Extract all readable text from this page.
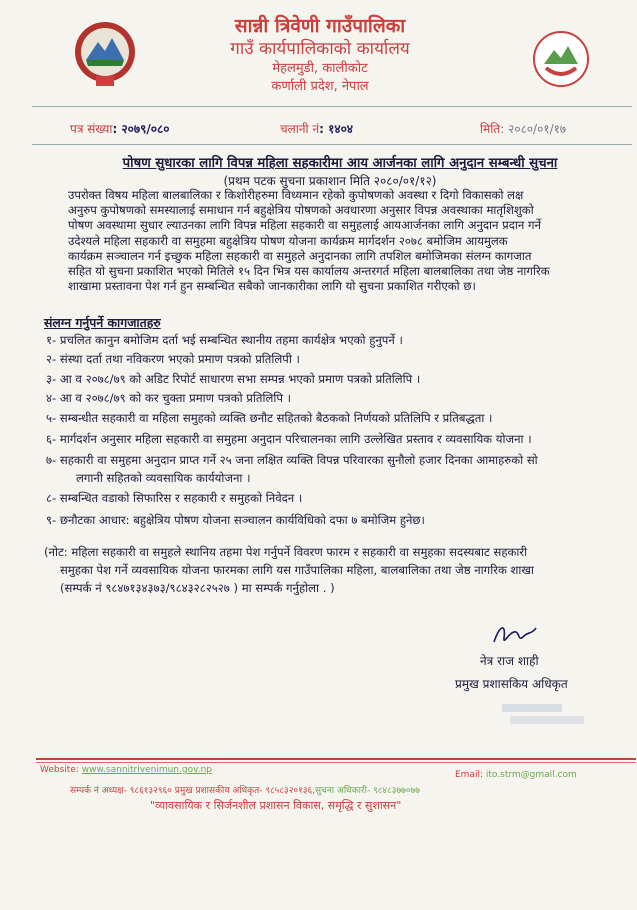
सान्नी त्रिवेणी गाउँपालिका
गाउँ कार्यपालिकाको कार्यालय
मेहलमुडी, कालीकोट
कर्णाली प्रदेश, नेपाल
पत्र संख्या: २०७९/०८०	चलानी नं: १४०४	मिति: २०८०/०१/१७
पोषण सुधारका लागि विपन्न महिला सहकारीमा आय आर्जनका लागि अनुदान सम्बन्धी सुचना
(प्रथम पटक सुचना प्रकाशान मिति २०८०/०१/१२)
उपरोक्त विषय महिला बालबालिका र किशोरीहरुमा विध्यमान रहेको कुपोषणको अवस्था र दिगो विकासको लक्ष
अनुरुप कुपोषणको समस्यालाई समाधान गर्न बहुक्षेत्रिय पोषणको अवधारणा अनुसार विपन्न अवस्थाका मातृशिशुको
पोषण अवस्थामा सुधार ल्याउनका लागि विपन्न महिला सहकारी वा समुहलाई आयआर्जनका लागि अनुदान प्रदान गर्ने
उदेश्यले महिला सहकारी वा समुहमा बहुक्षेत्रिय पोषण योजना कार्यक्रम मार्गदर्शन २०७८ बमोजिम आयमुलक
कार्यक्रम सञ्चालन गर्न इच्छुक महिला सहकारी वा समुहले अनुदानका लागि तपशिल बमोजिमका संलग्न कागजात
सहित यो सुचना प्रकाशित भएको मितिले १५ दिन भित्र यस कार्यालय अन्तरगर्त महिला बालबालिका तथा जेष्ठ नागरिक
शाखामा प्रस्तावना पेश गर्न हुन सम्बन्धित सबैको जानकारीका लागि यो सुचना प्रकाशित गरीएको छ।
संलग्न गर्नुपर्ने कागजातहरु
१- प्रचलित कानुन बमोजिम दर्ता भई सम्बन्धित स्थानीय तहमा कार्यक्षेत्र भएको हुनुपर्ने ।
२- संस्था दर्ता तथा नविकरण भएको प्रमाण पत्रको प्रतिलिपी ।
३- आ व २०७८/७९ को अडिट रिपोर्ट साधारण सभा सम्पन्न भएको प्रमाण पत्रको प्रतिलिपि ।
४- आ व २०७८/७९ को कर चुक्ता प्रमाण पत्रको प्रतिलिपि ।
५- सम्बन्धीत सहकारी वा महिला समुहको व्यक्ति छनौट सहितको बैठकको निर्णयको प्रतिलिपि र प्रतिबद्धता ।
६- मार्गदर्शन अनुसार महिला सहकारी वा समुहमा अनुदान परिचालनका लागि उल्लेखित प्रस्ताव र व्यवसायिक योजना ।
७- सहकारी वा समुहमा अनुदान प्राप्त गर्ने २५ जना लक्षित व्यक्ति विपन्न परिवारका सुनौलो हजार दिनका आमाहरुको सो
लगानी सहितको व्यवसायिक कार्ययोजना ।
८- सम्बन्धित वडाको सिफारिस र सहकारी र समुहको निवेदन ।
९- छनौटका आधार: बहुक्षेत्रिय पोषण योजना सञ्चालन कार्यविधिको दफा ७ बमोजिम हुनेछ।
(नोट: महिला सहकारी वा समुहले स्थानिय तहमा पेश गर्नुपर्ने विवरण फारम र सहकारी वा समुहका सदस्यबाट सहकारी
समुहका पेश गर्ने व्यवसायिक योजना फारमका लागि यस गाउँपालिका महिला, बालबालिका तथा जेष्ठ नागरिक शाखा
(सम्पर्क नं ९८४७१३४३७३/९८४३२८२५२७ ) मा सम्पर्क गर्नुहोला . )
नेत्र राज शाही
प्रमुख प्रशासकिय अधिकृत
Website: www.sannitrivenimun.gov.np	Email: ito.strm@gmail.com
सम्पर्क नं अध्यक्ष- ९८६१३२९६० प्रमुख प्रशासकीय अधिकृत- ९८५८३२०१३६,सुचना अधिकारी- ९८४८३७७०७७
"व्यावसायिक र सिर्जनशील प्रशासन विकास, समृद्धि र सुशासन"
